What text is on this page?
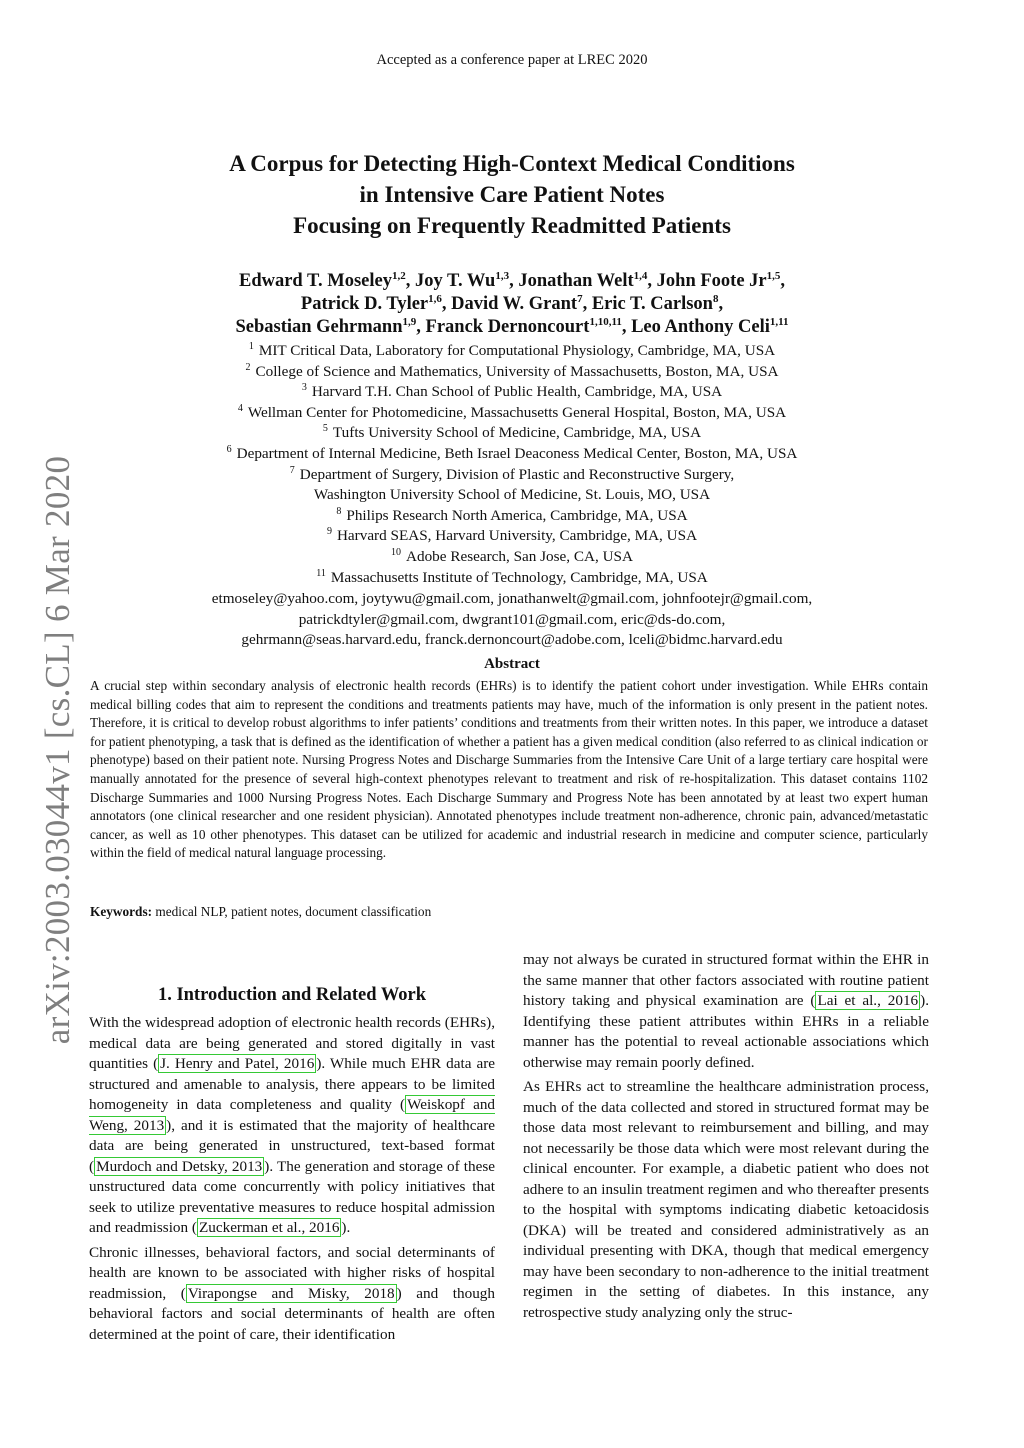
Accepted as a conference paper at LREC 2020
arXiv:2003.03044v1 [cs.CL] 6 Mar 2020
A Corpus for Detecting High-Context Medical Conditions
in Intensive Care Patient Notes
Focusing on Frequently Readmitted Patients
Edward T. Moseley$^{1,2}$, Joy T. Wu$^{1,3}$, Jonathan Welt$^{1,4}$, John Foote Jr$^{1,5}$,
Patrick D. Tyler$^{1,6}$, David W. Grant$^7$, Eric T. Carlson$^8$,
Sebastian Gehrmann$^{1,9}$, Franck Dernoncourt$^{1,10,11}$, Leo Anthony Celi$^{1,11}$
$^1$ MIT Critical Data, Laboratory for Computational Physiology, Cambridge, MA, USA
$^2$ College of Science and Mathematics, University of Massachusetts, Boston, MA, USA
$^3$ Harvard T.H. Chan School of Public Health, Cambridge, MA, USA
$^4$ Wellman Center for Photomedicine, Massachusetts General Hospital, Boston, MA, USA
$^5$ Tufts University School of Medicine, Cambridge, MA, USA
$^6$ Department of Internal Medicine, Beth Israel Deaconess Medical Center, Boston, MA, USA
$^7$ Department of Surgery, Division of Plastic and Reconstructive Surgery,
Washington University School of Medicine, St. Louis, MO, USA
$^8$ Philips Research North America, Cambridge, MA, USA
$^9$ Harvard SEAS, Harvard University, Cambridge, MA, USA
$^{10}$ Adobe Research, San Jose, CA, USA
$^{11}$ Massachusetts Institute of Technology, Cambridge, MA, USA
etmoseley@yahoo.com, joytywu@gmail.com, jonathanwelt@gmail.com, johnfootejr@gmail.com,
patrickdtyler@gmail.com, dwgrant101@gmail.com, eric@ds-do.com,
gehrmann@seas.harvard.edu, franck.dernoncourt@adobe.com, lceli@bidmc.harvard.edu
Abstract
A crucial step within secondary analysis of electronic health records (EHRs) is to identify the patient cohort under investigation. While EHRs contain medical billing codes that aim to represent the conditions and treatments patients may have, much of the information is only present in the patient notes. Therefore, it is critical to develop robust algorithms to infer patients’ conditions and treatments from their written notes. In this paper, we introduce a dataset for patient phenotyping, a task that is defined as the identification of whether a patient has a given medical condition (also referred to as clinical indication or phenotype) based on their patient note. Nursing Progress Notes and Discharge Summaries from the Intensive Care Unit of a large tertiary care hospital were manually annotated for the presence of several high-context phenotypes relevant to treatment and risk of re-hospitalization. This dataset contains 1102 Discharge Summaries and 1000 Nursing Progress Notes. Each Discharge Summary and Progress Note has been annotated by at least two expert human annotators (one clinical researcher and one resident physician). Annotated phenotypes include treatment non-adherence, chronic pain, advanced/metastatic cancer, as well as 10 other phenotypes. This dataset can be utilized for academic and industrial research in medicine and computer science, particularly within the field of medical natural language processing.
Keywords: medical NLP, patient notes, document classification
1. Introduction and Related Work

With the widespread adoption of electronic health records (EHRs), medical data are being generated and stored digitally in vast quantities ( J. Henry and Patel, 2016 ). While much EHR data are structured and amenable to analysis, there appears to be limited homogeneity in data completeness and quality ( Weiskopf and Weng, 2013 ), and it is estimated that the majority of healthcare data are being generated in unstructured, text-based format ( Murdoch and Detsky, 2013 ). The generation and storage of these unstructured data come concurrently with policy initiatives that seek to utilize preventative measures to reduce hospital admission and readmission ( Zuckerman et al., 2016 ).

Chronic illnesses, behavioral factors, and social determinants of health are known to be associated with higher risks of hospital readmission, ( Virapongse and Misky, 2018 ) and though behavioral factors and social determinants of health are often determined at the point of care, their identification

may not always be curated in structured format within the EHR in the same manner that other factors associated with routine patient history taking and physical examination are ( Lai et al., 2016 ). Identifying these patient attributes within EHRs in a reliable manner has the potential to reveal actionable associations which otherwise may remain poorly defined.

As EHRs act to streamline the healthcare administration process, much of the data collected and stored in structured format may be those data most relevant to reimbursement and billing, and may not necessarily be those data which were most relevant during the clinical encounter. For example, a diabetic patient who does not adhere to an insulin treatment regimen and who thereafter presents to the hospital with symptoms indicating diabetic ketoacidosis (DKA) will be treated and considered administratively as an individual presenting with DKA, though that medical emergency may have been secondary to non-adherence to the initial treatment regimen in the setting of diabetes. In this instance, any retrospective study analyzing only the struc-
